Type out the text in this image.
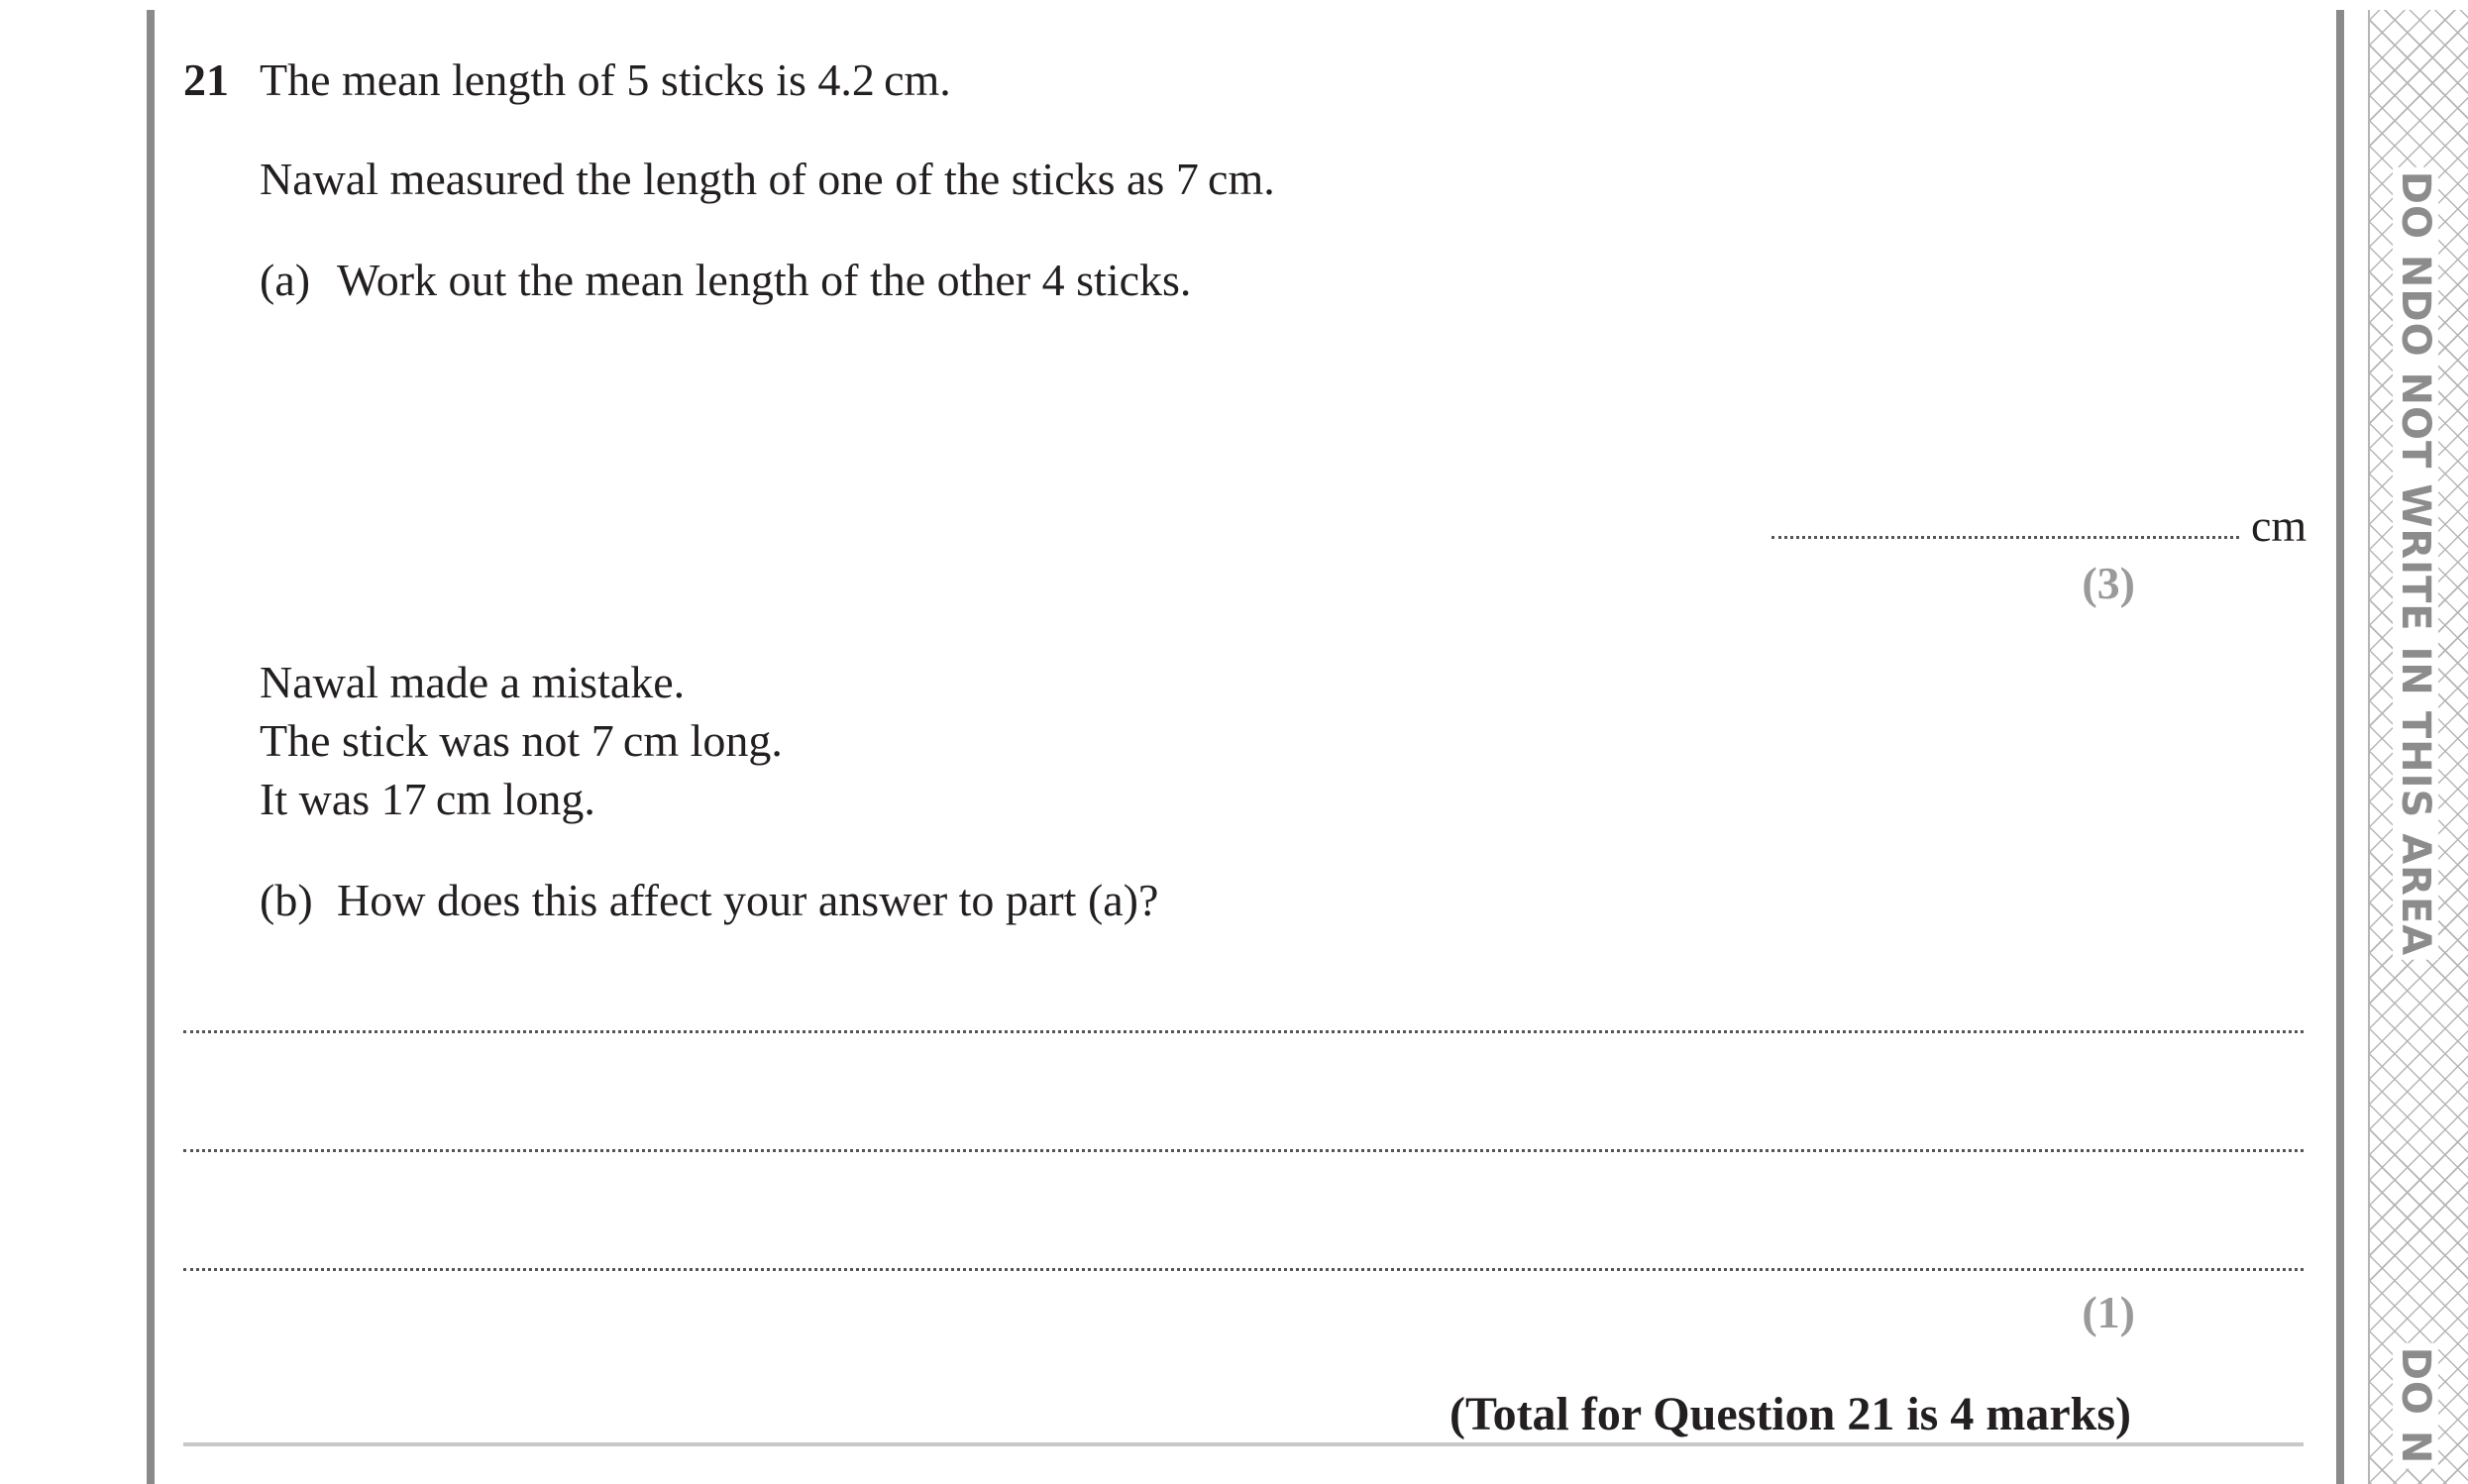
DO NDO NOT WRITE IN THIS AREA
DO N
21 The mean length of 5 sticks is 4.2 cm.
Nawal measured the length of one of the sticks as 7 cm.
(a) Work out the mean length of the other 4 sticks.
cm
(3)
Nawal made a mistake.
The stick was not 7 cm long.
It was 17 cm long.
(b) How does this affect your answer to part (a)?
(1)
(Total for Question 21 is 4 marks)
